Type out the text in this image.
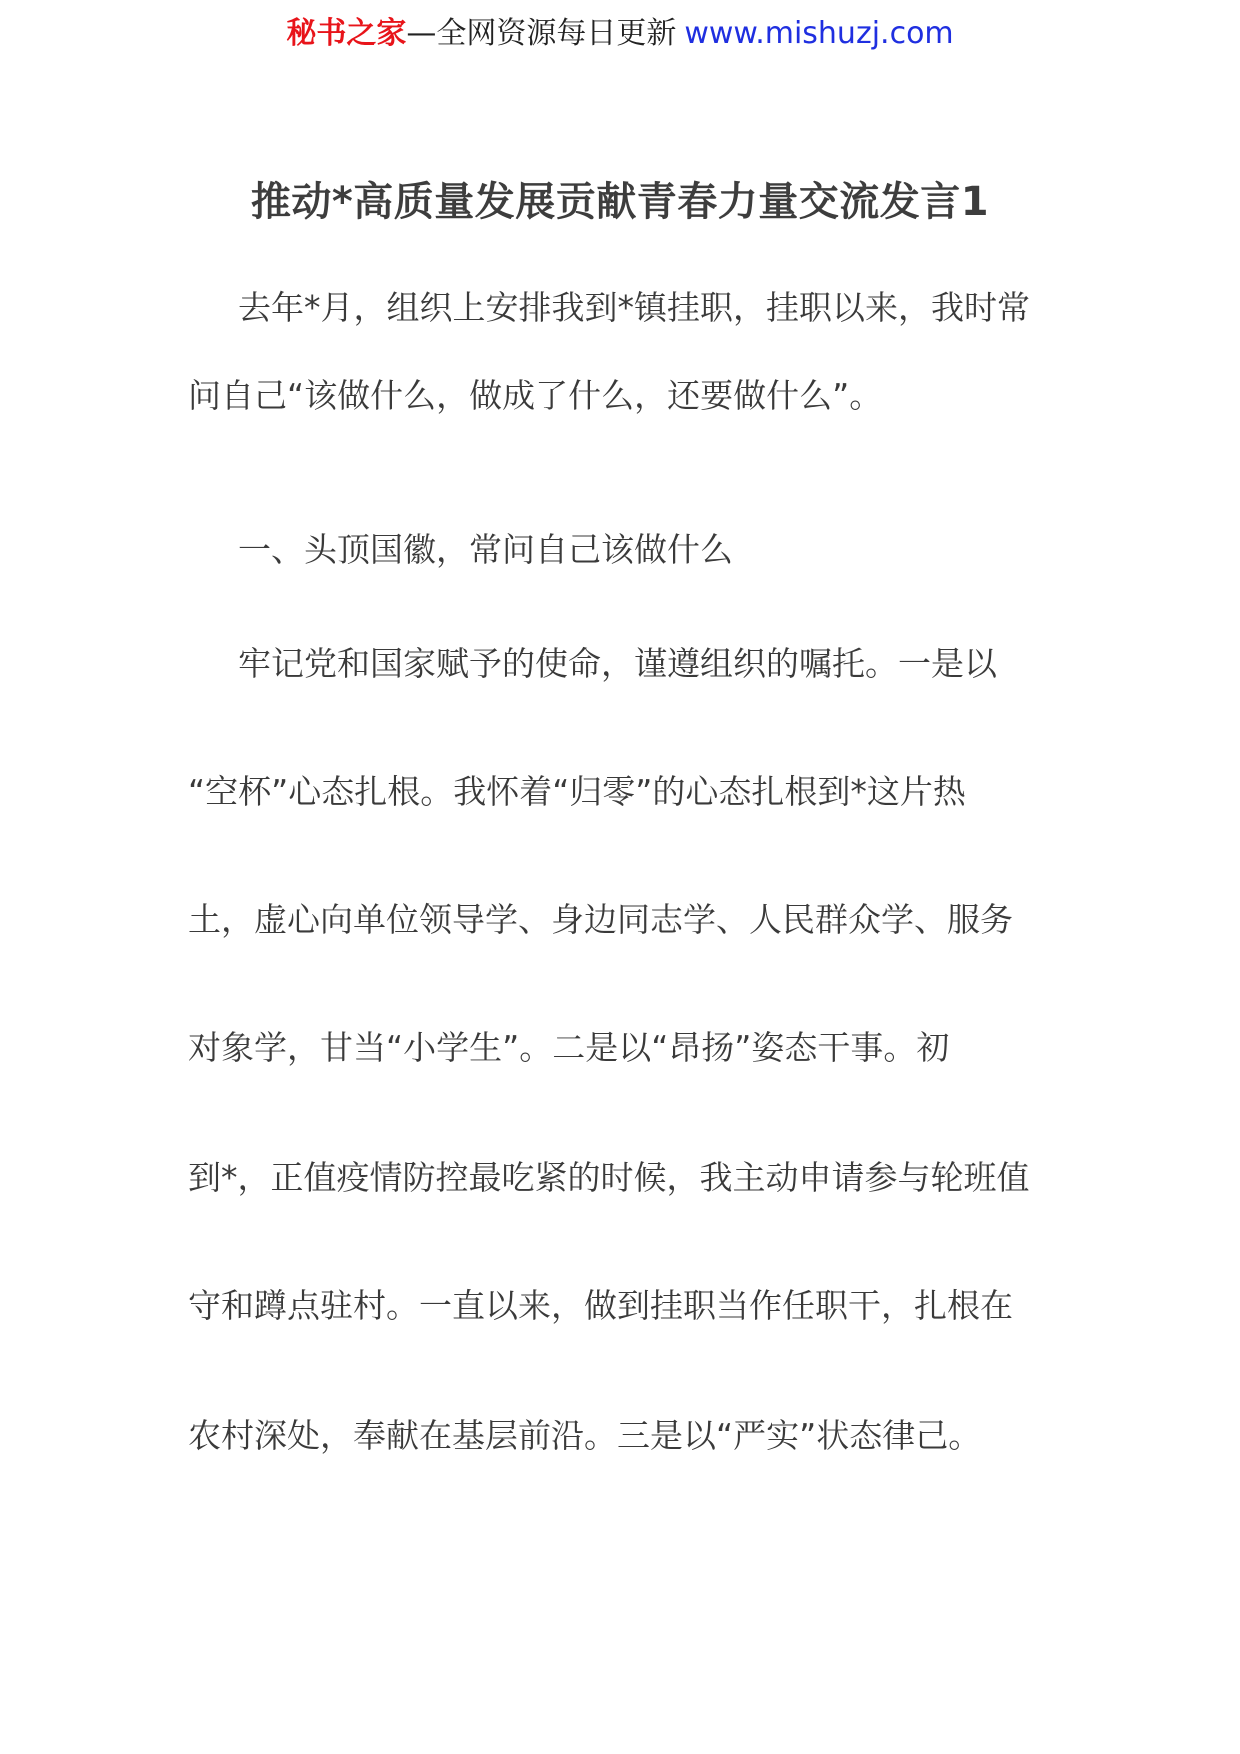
秘书之家—全网资源每日更新 www.mishuzj.com
推动*高质量发展贡献青春力量交流发言1
去年*月，组织上安排我到*镇挂职，挂职以来，我时常
问自己“该做什么，做成了什么，还要做什么”。
一、头顶国徽，常问自己该做什么
牢记党和国家赋予的使命，谨遵组织的嘱托。一是以
“空杯”心态扎根。我怀着“归零”的心态扎根到*这片热
土，虚心向单位领导学、身边同志学、人民群众学、服务
对象学，甘当“小学生”。二是以“昂扬”姿态干事。初
到*，正值疫情防控最吃紧的时候，我主动申请参与轮班值
守和蹲点驻村。一直以来，做到挂职当作任职干，扎根在
农村深处，奉献在基层前沿。三是以“严实”状态律己。
